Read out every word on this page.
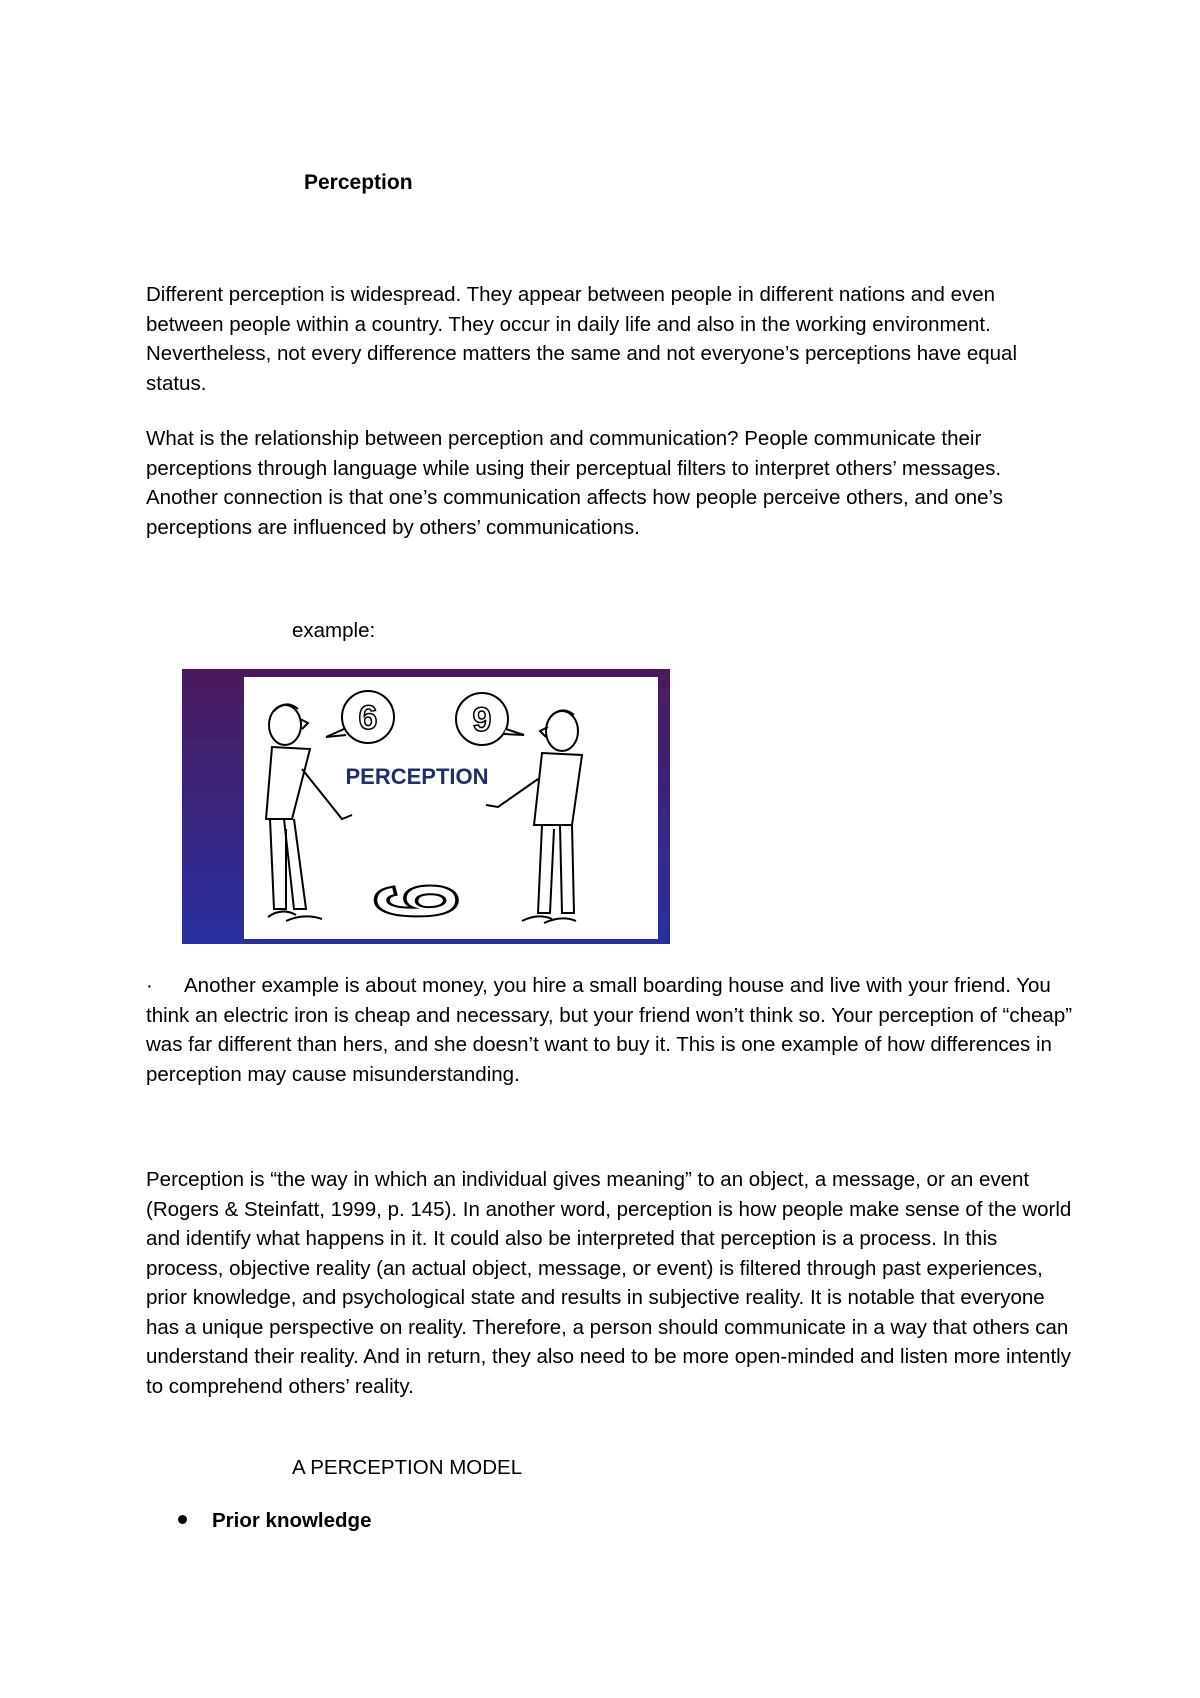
Perception

Different perception is widespread. They appear between people in different nations and even between people within a country. They occur in daily life and also in the working environment. Nevertheless, not every difference matters the same and not everyone’s perceptions have equal status.

What is the relationship between perception and communication? People communicate their perceptions through language while using their perceptual filters to interpret others’ messages. Another connection is that one’s communication affects how people perceive others, and one’s perceptions are influenced by others’ communications.

example:

6	9
PERCEPTION
6

· Another example is about money, you hire a small boarding house and live with your friend. You think an electric iron is cheap and necessary, but your friend won’t think so. Your perception of “cheap” was far different than hers, and she doesn’t want to buy it. This is one example of how differences in perception may cause misunderstanding.

Perception is “the way in which an individual gives meaning” to an object, a message, or an event (Rogers & Steinfatt, 1999, p. 145). In another word, perception is how people make sense of the world and identify what happens in it. It could also be interpreted that perception is a process. In this process, objective reality (an actual object, message, or event) is filtered through past experiences, prior knowledge, and psychological state and results in subjective reality. It is notable that everyone has a unique perspective on reality. Therefore, a person should communicate in a way that others can understand their reality. And in return, they also need to be more open-minded and listen more intently to comprehend others’ reality.

A PERCEPTION MODEL

Prior knowledge
